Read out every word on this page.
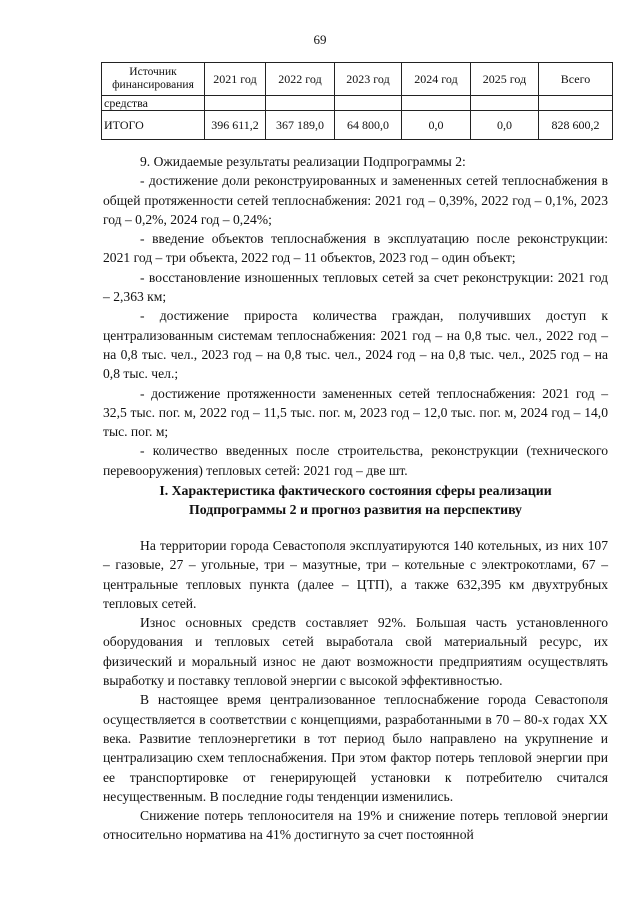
69
Источник финансирования	2021 год	2022 год	2023 год	2024 год	2025 год	Всего
средства						
ИТОГО	396 611,2	367 189,0	64 800,0	0,0	0,0	828 600,2

9. Ожидаемые результаты реализации Подпрограммы 2:

- достижение доли реконструированных и замененных сетей теплоснабжения в общей протяженности сетей теплоснабжения: 2021 год – 0,39%, 2022 год – 0,1%, 2023 год – 0,2%, 2024 год – 0,24%;

- введение объектов теплоснабжения в эксплуатацию после реконструкции: 2021 год – три объекта, 2022 год – 11 объектов, 2023 год – один объект;

- восстановление изношенных тепловых сетей за счет реконструкции: 2021 год – 2,363 км;

- достижение прироста количества граждан, получивших доступ к централизованным системам теплоснабжения: 2021 год – на 0,8 тыс. чел., 2022 год – на 0,8 тыс. чел., 2023 год – на 0,8 тыс. чел., 2024 год – на 0,8 тыс. чел., 2025 год – на 0,8 тыс. чел.;

- достижение протяженности замененных сетей теплоснабжения: 2021 год – 32,5 тыс. пог. м, 2022 год – 11,5 тыс. пог. м, 2023 год – 12,0 тыс. пог. м, 2024 год – 14,0 тыс. пог. м;

- количество введенных после строительства, реконструкции (технического перевооружения) тепловых сетей: 2021 год – две шт.

I. Характеристика фактического состояния сферы реализации

Подпрограммы 2 и прогноз развития на перспективу

На территории города Севастополя эксплуатируются 140 котельных, из них 107 – газовые, 27 – угольные, три – мазутные, три – котельные с электрокотлами, 67 – центральные тепловых пункта (далее – ЦТП), а также 632,395 км двухтрубных тепловых сетей.

Износ основных средств составляет 92%. Большая часть установленного оборудования и тепловых сетей выработала свой материальный ресурс, их физический и моральный износ не дают возможности предприятиям осуществлять выработку и поставку тепловой энергии с высокой эффективностью.

В настоящее время централизованное теплоснабжение города Севастополя осуществляется в соответствии с концепциями, разработанными в 70 – 80-х годах XX века. Развитие теплоэнергетики в тот период было направлено на укрупнение и централизацию схем теплоснабжения. При этом фактор потерь тепловой энергии при ее транспортировке от генерирующей установки к потребителю считался несущественным. В последние годы тенденции изменились.

Снижение потерь теплоносителя на 19% и снижение потерь тепловой энергии относительно норматива на 41% достигнуто за счет постоянной
